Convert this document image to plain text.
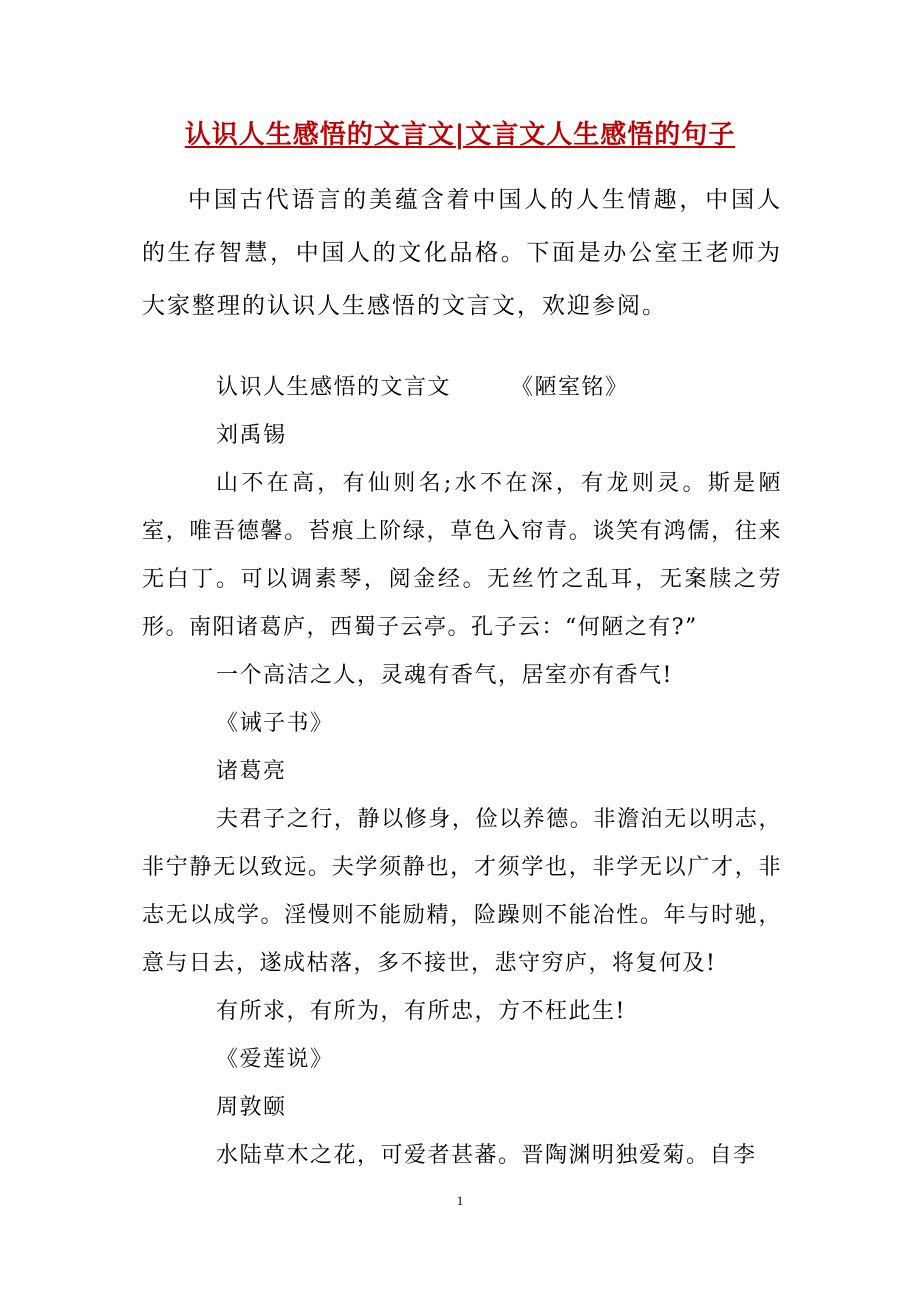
认识人生感悟的文言文|文言文人生感悟的句子

中国古代语言的美蕴含着中国人的人生情趣，中国人的生存智慧，中国人的文化品格。下面是办公室王老师为大家整理的认识人生感悟的文言文，欢迎参阅。

认识人生感悟的文言文	《陋室铭》

刘禹锡

山不在高，有仙则名;水不在深，有龙则灵。斯是陋室，唯吾德馨。苔痕上阶绿，草色入帘青。谈笑有鸿儒，往来无白丁。可以调素琴，阅金经。无丝竹之乱耳，无案牍之劳形。南阳诸葛庐，西蜀子云亭。孔子云：“何陋之有?”

一个高洁之人，灵魂有香气，居室亦有香气!

《诫子书》

诸葛亮

夫君子之行，静以修身，俭以养德。非澹泊无以明志，非宁静无以致远。夫学须静也，才须学也，非学无以广才，非志无以成学。淫慢则不能励精，险躁则不能冶性。年与时驰，意与日去，遂成枯落，多不接世，悲守穷庐，将复何及!

有所求，有所为，有所忠，方不枉此生!

《爱莲说》

周敦颐

水陆草木之花，可爱者甚蕃。晋陶渊明独爱菊。自李

1
